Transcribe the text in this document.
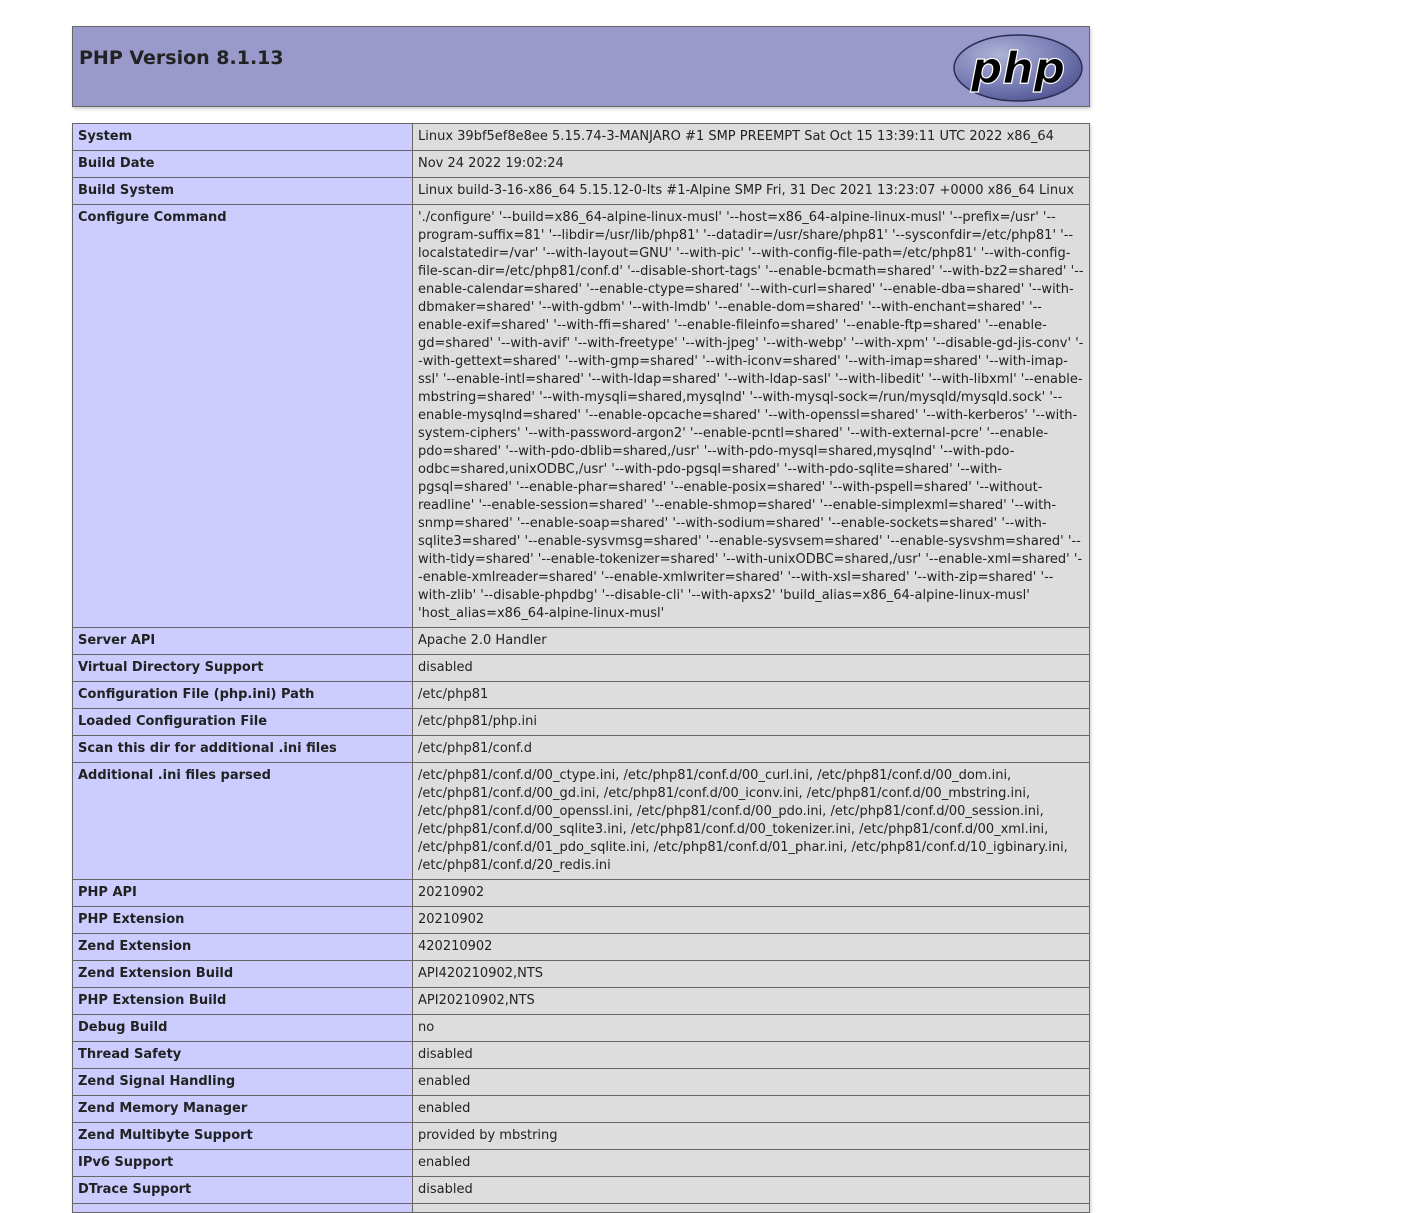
PHP Version 8.1.13	php
System	Linux 39bf5ef8e8ee 5.15.74-3-MANJARO #1 SMP PREEMPT Sat Oct 15 13:39:11 UTC 2022 x86_64
Build Date	Nov 24 2022 19:02:24
Build System	Linux build-3-16-x86_64 5.15.12-0-lts #1-Alpine SMP Fri, 31 Dec 2021 13:23:07 +0000 x86_64 Linux
Configure Command	'./configure' '--build=x86_64-alpine-linux-musl' '--host=x86_64-alpine-linux-musl' '--prefix=/usr' '--program-suffix=81' '--libdir=/usr/lib/php81' '--datadir=/usr/share/php81' '--sysconfdir=/etc/php81' '--localstatedir=/var' '--with-layout=GNU' '--with-pic' '--with-config-file-path=/etc/php81' '--with-config-file-scan-dir=/etc/php81/conf.d' '--disable-short-tags' '--enable-bcmath=shared' '--with-bz2=shared' '--enable-calendar=shared' '--enable-ctype=shared' '--with-curl=shared' '--enable-dba=shared' '--with-dbmaker=shared' '--with-gdbm' '--with-lmdb' '--enable-dom=shared' '--with-enchant=shared' '--enable-exif=shared' '--with-ffi=shared' '--enable-fileinfo=shared' '--enable-ftp=shared' '--enable-gd=shared' '--with-avif' '--with-freetype' '--with-jpeg' '--with-webp' '--with-xpm' '--disable-gd-jis-conv' '--with-gettext=shared' '--with-gmp=shared' '--with-iconv=shared' '--with-imap=shared' '--with-imap-ssl' '--enable-intl=shared' '--with-ldap=shared' '--with-ldap-sasl' '--with-libedit' '--with-libxml' '--enable-mbstring=shared' '--with-mysqli=shared,mysqlnd' '--with-mysql-sock=/run/mysqld/mysqld.sock' '--enable-mysqlnd=shared' '--enable-opcache=shared' '--with-openssl=shared' '--with-kerberos' '--with-system-ciphers' '--with-password-argon2' '--enable-pcntl=shared' '--with-external-pcre' '--enable-pdo=shared' '--with-pdo-dblib=shared,/usr' '--with-pdo-mysql=shared,mysqlnd' '--with-pdo-odbc=shared,unixODBC,/usr' '--with-pdo-pgsql=shared' '--with-pdo-sqlite=shared' '--with-pgsql=shared' '--enable-phar=shared' '--enable-posix=shared' '--with-pspell=shared' '--without-readline' '--enable-session=shared' '--enable-shmop=shared' '--enable-simplexml=shared' '--with-snmp=shared' '--enable-soap=shared' '--with-sodium=shared' '--enable-sockets=shared' '--with-sqlite3=shared' '--enable-sysvmsg=shared' '--enable-sysvsem=shared' '--enable-sysvshm=shared' '--with-tidy=shared' '--enable-tokenizer=shared' '--with-unixODBC=shared,/usr' '--enable-xml=shared' '--enable-xmlreader=shared' '--enable-xmlwriter=shared' '--with-xsl=shared' '--with-zip=shared' '--with-zlib' '--disable-phpdbg' '--disable-cli' '--with-apxs2' 'build_alias=x86_64-alpine-linux-musl' 'host_alias=x86_64-alpine-linux-musl'
Server API	Apache 2.0 Handler
Virtual Directory Support	disabled
Configuration File (php.ini) Path	/etc/php81
Loaded Configuration File	/etc/php81/php.ini
Scan this dir for additional .ini files	/etc/php81/conf.d
Additional .ini files parsed	/etc/php81/conf.d/00_ctype.ini, /etc/php81/conf.d/00_curl.ini, /etc/php81/conf.d/00_dom.ini, /etc/php81/conf.d/00_gd.ini, /etc/php81/conf.d/00_iconv.ini, /etc/php81/conf.d/00_mbstring.ini, /etc/php81/conf.d/00_openssl.ini, /etc/php81/conf.d/00_pdo.ini, /etc/php81/conf.d/00_session.ini, /etc/php81/conf.d/00_sqlite3.ini, /etc/php81/conf.d/00_tokenizer.ini, /etc/php81/conf.d/00_xml.ini, /etc/php81/conf.d/01_pdo_sqlite.ini, /etc/php81/conf.d/01_phar.ini, /etc/php81/conf.d/10_igbinary.ini, /etc/php81/conf.d/20_redis.ini
PHP API	20210902
PHP Extension	20210902
Zend Extension	420210902
Zend Extension Build	API420210902,NTS
PHP Extension Build	API20210902,NTS
Debug Build	no
Thread Safety	disabled
Zend Signal Handling	enabled
Zend Memory Manager	enabled
Zend Multibyte Support	provided by mbstring
IPv6 Support	enabled
DTrace Support	disabled
